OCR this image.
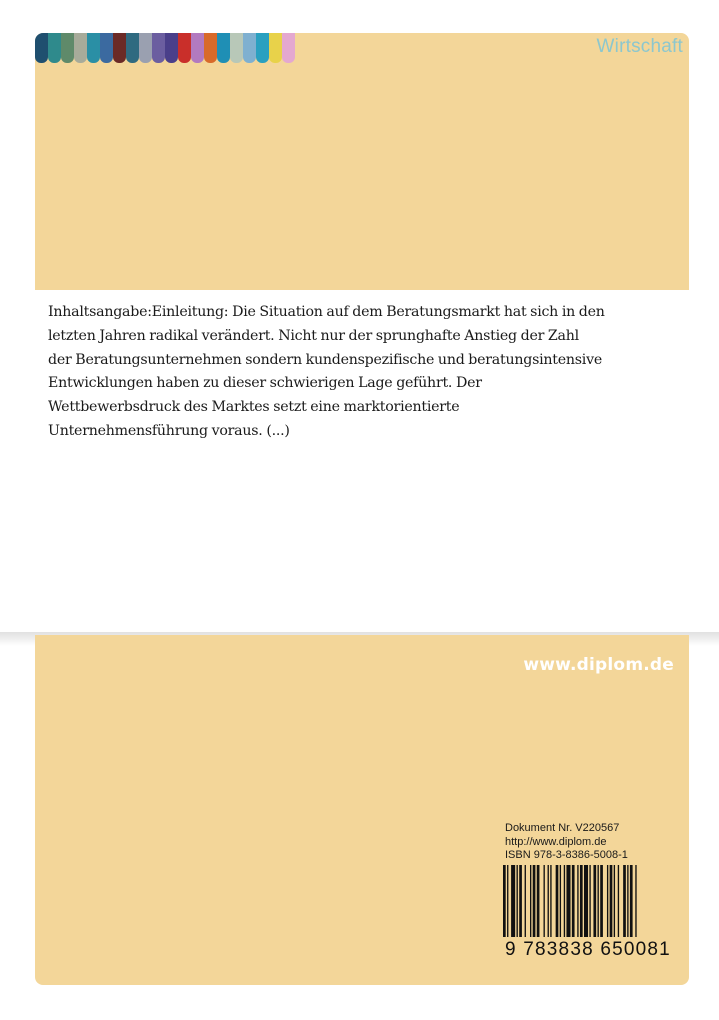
Wirtschaft
Inhaltsangabe:Einleitung: Die Situation auf dem Beratungsmarkt hat sich in den
letzten Jahren radikal verändert. Nicht nur der sprunghafte Anstieg der Zahl
der Beratungsunternehmen sondern kundenspezifische und beratungsintensive
Entwicklungen haben zu dieser schwierigen Lage geführt. Der
Wettbewerbsdruck des Marktes setzt eine marktorientierte
Unternehmensführung voraus. (...)
www.diplom.de
Dokument Nr. V220567
http://www.diplom.de
ISBN 978-3-8386-5008-1
9 783838 650081
